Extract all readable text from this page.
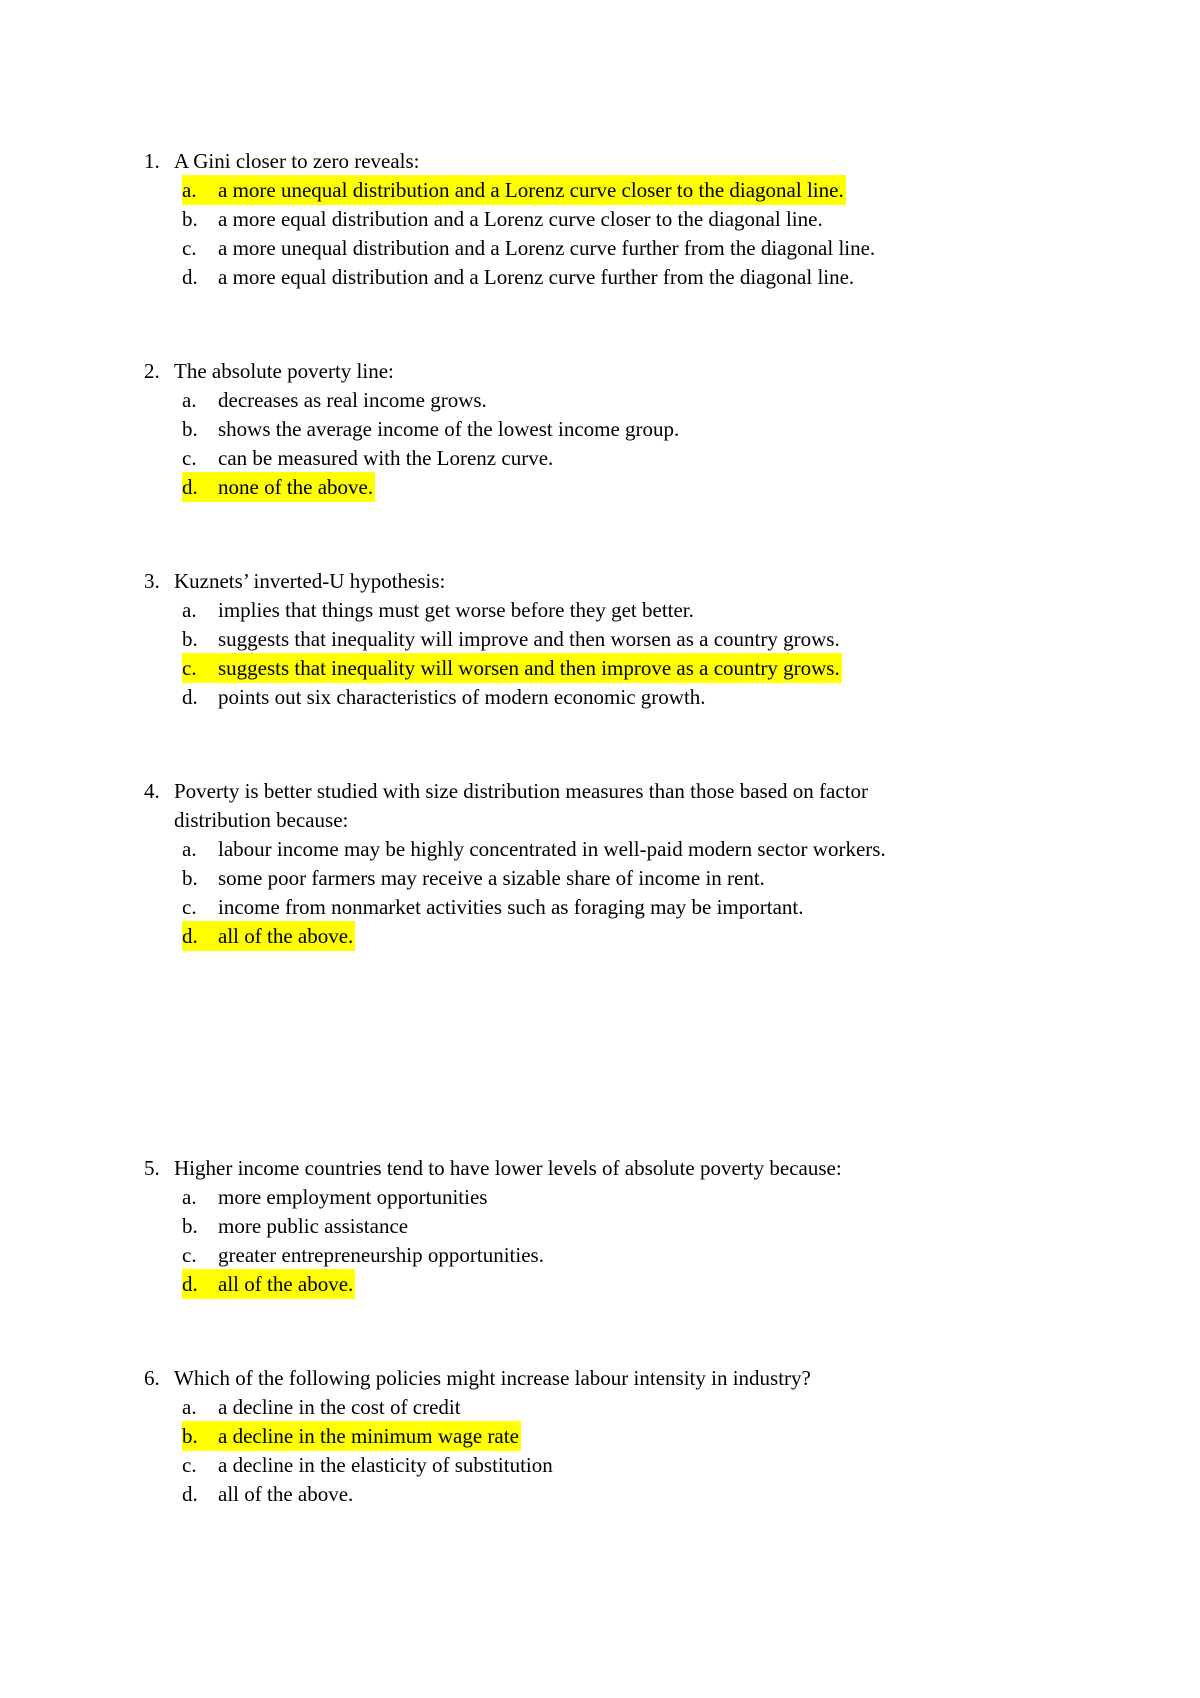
1. A Gini closer to zero reveals:
a. a more unequal distribution and a Lorenz curve closer to the diagonal line.
b. a more equal distribution and a Lorenz curve closer to the diagonal line.
c. a more unequal distribution and a Lorenz curve further from the diagonal line.
d. a more equal distribution and a Lorenz curve further from the diagonal line.
2. The absolute poverty line:
a. decreases as real income grows.
b. shows the average income of the lowest income group.
c. can be measured with the Lorenz curve.
d. none of the above.
3. Kuznets’ inverted-U hypothesis:
a. implies that things must get worse before they get better.
b. suggests that inequality will improve and then worsen as a country grows.
c. suggests that inequality will worsen and then improve as a country grows.
d. points out six characteristics of modern economic growth.
4. Poverty is better studied with size distribution measures than those based on factor
distribution because:
a. labour income may be highly concentrated in well-paid modern sector workers.
b. some poor farmers may receive a sizable share of income in rent.
c. income from nonmarket activities such as foraging may be important.
d. all of the above.
5. Higher income countries tend to have lower levels of absolute poverty because:
a. more employment opportunities
b. more public assistance
c. greater entrepreneurship opportunities.
d. all of the above.
6. Which of the following policies might increase labour intensity in industry?
a. a decline in the cost of credit
b. a decline in the minimum wage rate
c. a decline in the elasticity of substitution
d. all of the above.
